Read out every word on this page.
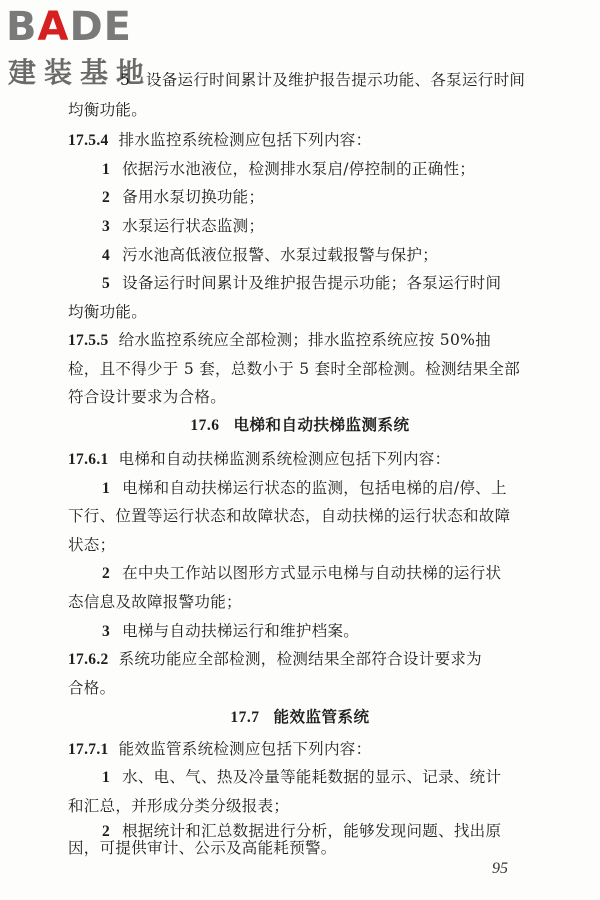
BADE
建装基地
5　设备运行时间累计及维护报告提示功能、各泵运行时间
均衡功能。
17.5.4 排水监控系统检测应包括下列内容：
1 依据污水池液位，检测排水泵启/停控制的正确性；
2 备用水泵切换功能；
3 水泵运行状态监测；
4 污水池高低液位报警、水泵过载报警与保护；
5 设备运行时间累计及维护报告提示功能；各泵运行时间
均衡功能。
17.5.5 给水监控系统应全部检测；排水监控系统应按 50%抽
检，且不得少于 5 套，总数小于 5 套时全部检测。检测结果全部
符合设计要求为合格。
17.6 电梯和自动扶梯监测系统
17.6.1 电梯和自动扶梯监测系统检测应包括下列内容：
1 电梯和自动扶梯运行状态的监测，包括电梯的启/停、上
下行、位置等运行状态和故障状态，自动扶梯的运行状态和故障
状态；
2 在中央工作站以图形方式显示电梯与自动扶梯的运行状
态信息及故障报警功能；
3 电梯与自动扶梯运行和维护档案。
17.6.2 系统功能应全部检测，检测结果全部符合设计要求为
合格。
17.7 能效监管系统
17.7.1 能效监管系统检测应包括下列内容：
1 水、电、气、热及冷量等能耗数据的显示、记录、统计
和汇总，并形成分类分级报表；
2 根据统计和汇总数据进行分析，能够发现问题、找出原
因，可提供审计、公示及高能耗预警。
95
